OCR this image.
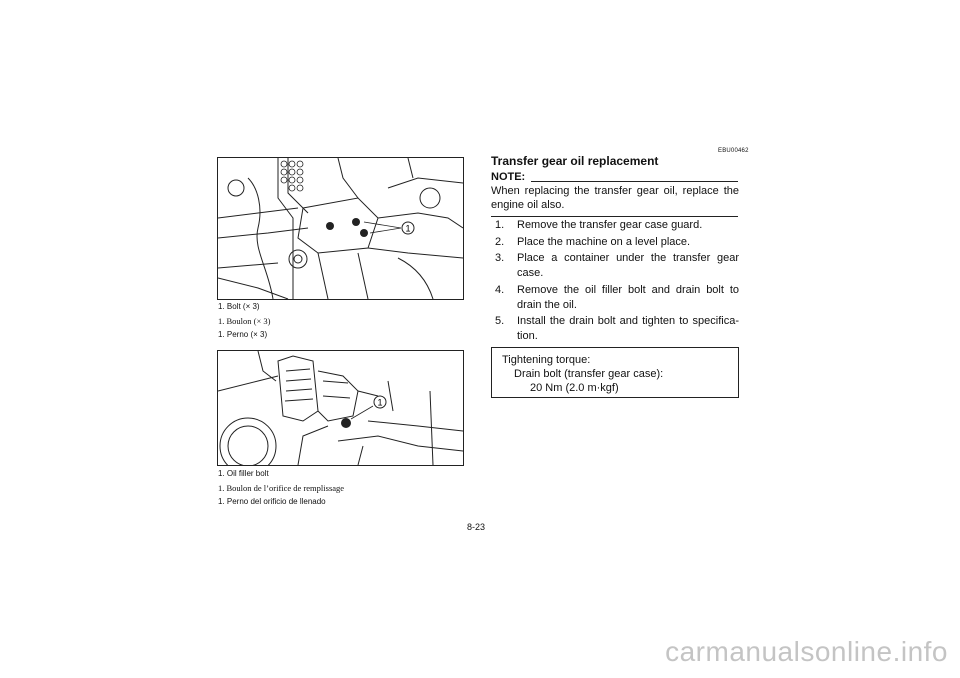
1
1. Bolt (× 3)
1. Boulon (× 3)
1. Perno (× 3)
1
1. Oil filler bolt
1. Boulon de l’orifice de remplissage
1. Perno del orificio de llenado
EBU00462
Transfer gear oil replacement
NOTE:
When replacing the transfer gear oil, replace the engine oil also.
1.	Remove the transfer gear case guard.
2.	Place the machine on a level place.
3.	Place a container under the transfer gear case.
4.	Remove the oil filler bolt and drain bolt to drain the oil.
5.	Install the drain bolt and tighten to specifica-tion.
Tightening torque:
Drain bolt (transfer gear case):
20 Nm (2.0 m·kgf)
8-23
carmanualsonline.info
